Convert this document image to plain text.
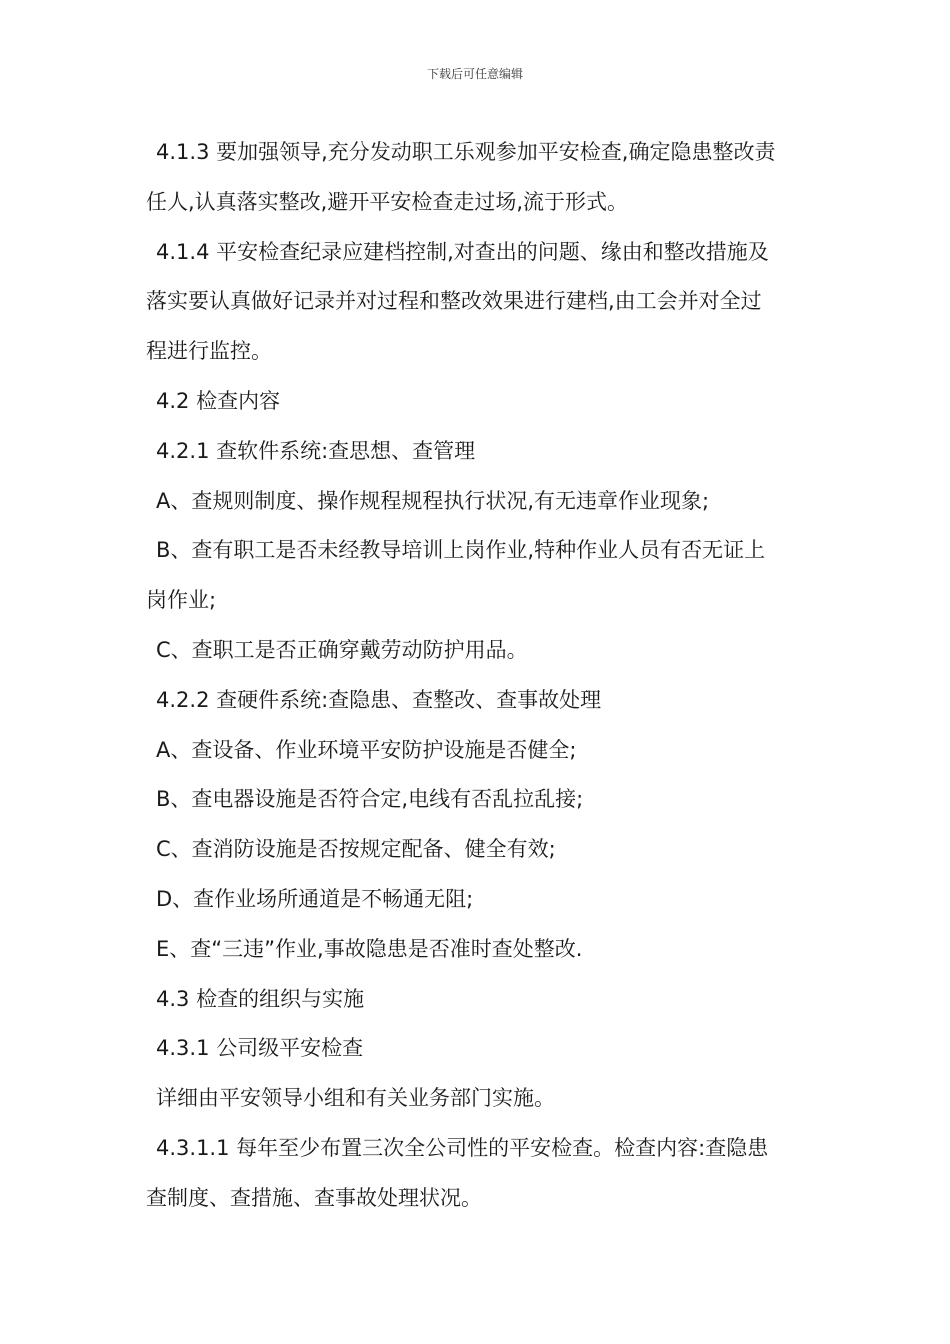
下载后可任意编辑
4.1.3 要加强领导,充分发动职工乐观参加平安检查,确定隐患整改责
任人,认真落实整改,避开平安检查走过场,流于形式。
4.1.4 平安检查纪录应建档控制,对查出的问题、缘由和整改措施及
落实要认真做好记录并对过程和整改效果进行建档,由工会并对全过
程进行监控。
4.2 检查内容
4.2.1 查软件系统:查思想、查管理
A、查规则制度、操作规程规程执行状况,有无违章作业现象;
B、查有职工是否未经教导培训上岗作业,特种作业人员有否无证上
岗作业;
C、查职工是否正确穿戴劳动防护用品。
4.2.2 查硬件系统:查隐患、查整改、查事故处理
A、查设备、作业环境平安防护设施是否健全;
B、查电器设施是否符合定,电线有否乱拉乱接;
C、查消防设施是否按规定配备、健全有效;
D、查作业场所通道是不畅通无阻;
E、查“三违”作业,事故隐患是否准时查处整改.
4.3 检查的组织与实施
4.3.1 公司级平安检查
详细由平安领导小组和有关业务部门实施。
4.3.1.1 每年至少布置三次全公司性的平安检查。检查内容:查隐患
查制度、查措施、查事故处理状况。
